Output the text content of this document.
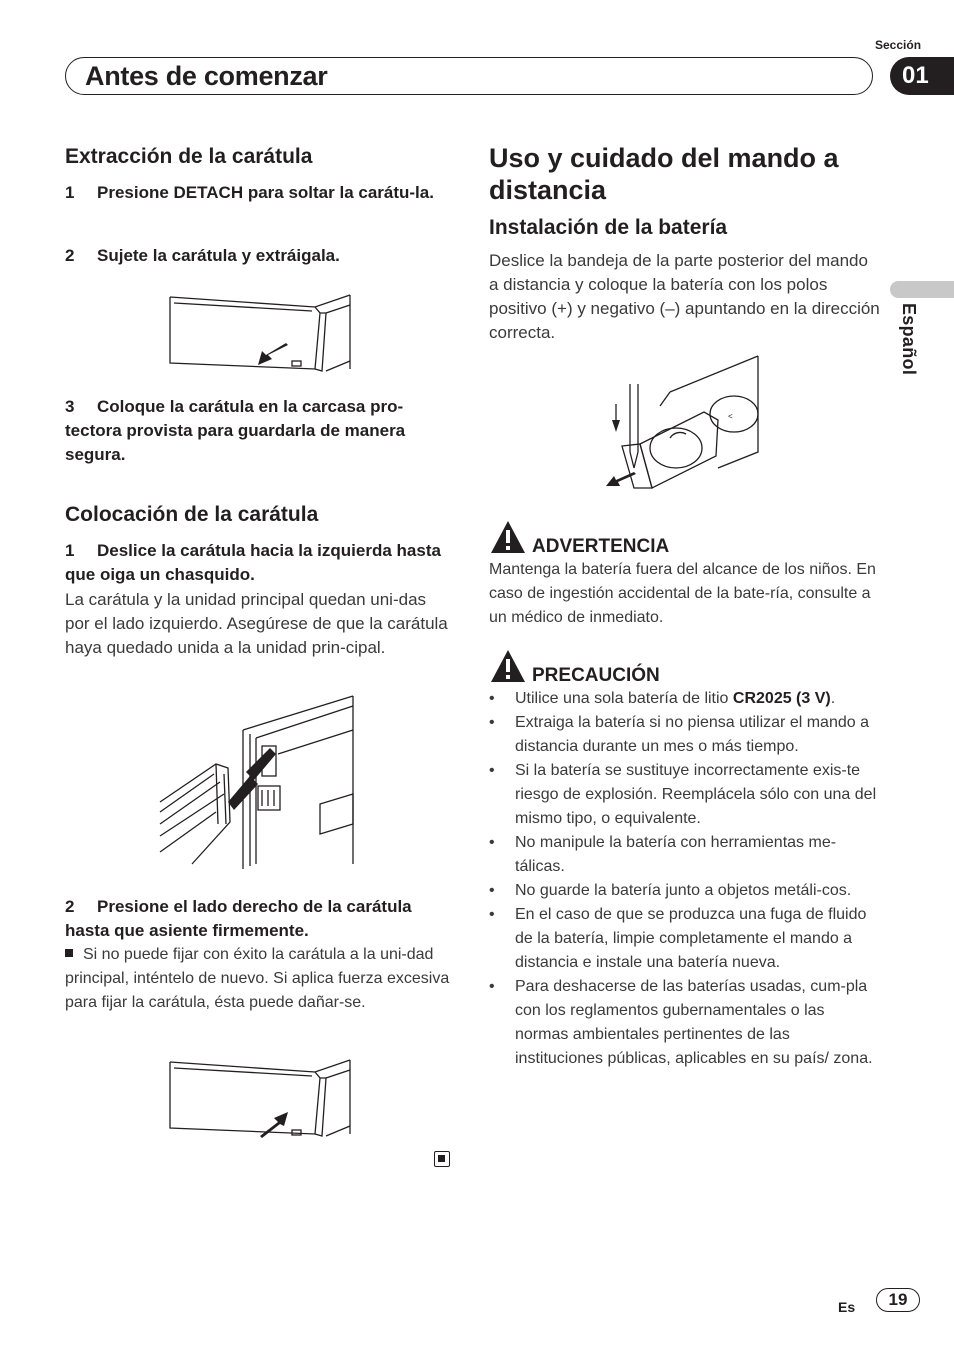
Sección
Antes de comenzar	01
Español
Extracción de la carátula
1 Presione DETACH para soltar la carátu-la.
2 Sujete la carátula y extráigala.
3 Coloque la carátula en la carcasa pro-tectora provista para guardarla de manera segura.
Colocación de la carátula
1 Deslice la carátula hacia la izquierda hasta que oiga un chasquido.
La carátula y la unidad principal quedan uni-das por el lado izquierdo. Asegúrese de que la carátula haya quedado unida a la unidad prin-cipal.
2 Presione el lado derecho de la carátula hasta que asiente firmemente.
Si no puede fijar con éxito la carátula a la uni-dad principal, inténtelo de nuevo. Si aplica fuerza excesiva para fijar la carátula, ésta puede dañar-se.
Uso y cuidado del mando a distancia
Instalación de la batería
Deslice la bandeja de la parte posterior del mando a distancia y coloque la batería con los polos positivo (+) y negativo (–) apuntando en la dirección correcta.
<
ADVERTENCIA
Mantenga la batería fuera del alcance de los niños. En caso de ingestión accidental de la bate-ría, consulte a un médico de inmediato.
PRECAUCIÓN
• Utilice una sola batería de litio CR2025 (3 V).
• Extraiga la batería si no piensa utilizar el mando a distancia durante un mes o más tiempo.
• Si la batería se sustituye incorrectamente exis-te riesgo de explosión. Reemplácela sólo con una del mismo tipo, o equivalente.
• No manipule la batería con herramientas me-tálicas.
• No guarde la batería junto a objetos metáli-cos.
• En el caso de que se produzca una fuga de fluido de la batería, limpie completamente el mando a distancia e instale una batería nueva.
• Para deshacerse de las baterías usadas, cum-pla con los reglamentos gubernamentales o las normas ambientales pertinentes de las instituciones públicas, aplicables en su país/ zona.
Es	19
